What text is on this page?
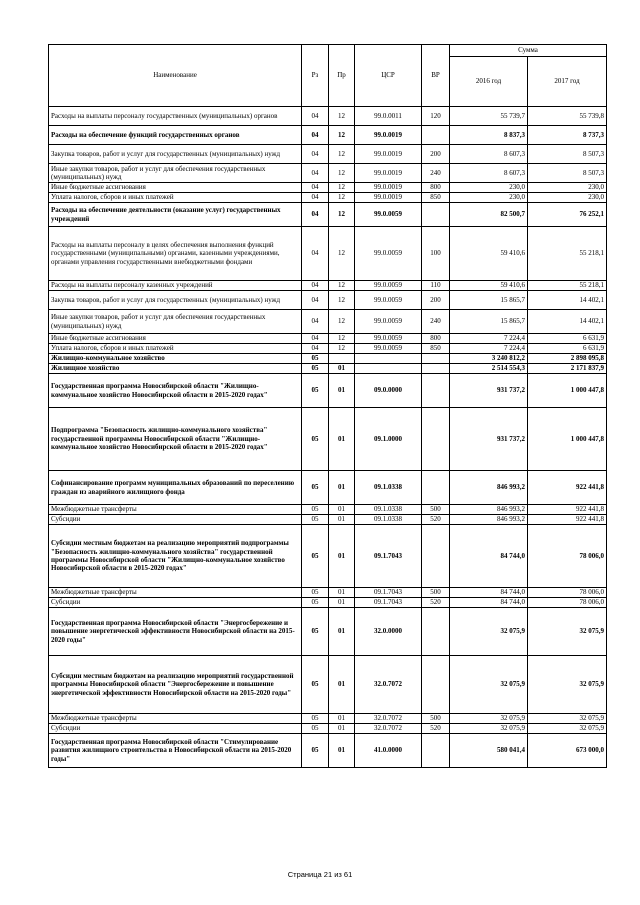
Наименование	Рз	Пр	ЦСР	ВР	Сумма	
					2016 год	2017 год
Расходы на выплаты персоналу государственных (муниципальных) органов	04	12	99.0.0011	120	55 739,7	55 739,8
Расходы на обеспечение функций государственных органов	04	12	99.0.0019		8 837,3	8 737,3
Закупка товаров, работ и услуг для государственных (муниципальных) нужд	04	12	99.0.0019	200	8 607,3	8 507,3
Иные закупки товаров, работ и услуг для обеспечения государственных (муниципальных) нужд	04	12	99.0.0019	240	8 607,3	8 507,3
Иные бюджетные ассигнования	04	12	99.0.0019	800	230,0	230,0
Уплата налогов, сборов и иных платежей	04	12	99.0.0019	850	230,0	230,0
Расходы на обеспечение деятельности (оказание услуг) государственных учреждений	04	12	99.0.0059		82 500,7	76 252,1
Расходы на выплаты персоналу в целях обеспечения выполнения функций государственными (муниципальными) органами, казенными учреждениями, органами управления государственными внебюджетными фондами	04	12	99.0.0059	100	59 410,6	55 218,1
Расходы на выплаты персоналу казенных учреждений	04	12	99.0.0059	110	59 410,6	55 218,1
Закупка товаров, работ и услуг для государственных (муниципальных) нужд	04	12	99.0.0059	200	15 865,7	14 402,1
Иные закупки товаров, работ и услуг для обеспечения государственных (муниципальных) нужд	04	12	99.0.0059	240	15 865,7	14 402,1
Иные бюджетные ассигнования	04	12	99.0.0059	800	7 224,4	6 631,9
Уплата налогов, сборов и иных платежей	04	12	99.0.0059	850	7 224,4	6 631,9
Жилищно-коммунальное хозяйство	05				3 240 812,2	2 898 095,8
Жилищное хозяйство	05	01			2 514 554,3	2 171 837,9
Государственная программа Новосибирской области "Жилищно-коммунальное хозяйство Новосибирской области в 2015-2020 годах"	05	01	09.0.0000		931 737,2	1 000 447,8
Подпрограмма "Безопасность жилищно-коммунального хозяйства" государственной программы Новосибирской области "Жилищно-коммунальное хозяйство Новосибирской области в 2015-2020 годах"	05	01	09.1.0000		931 737,2	1 000 447,8
Софинансирование программ муниципальных образований по переселению граждан из аварийного жилищного фонда	05	01	09.1.0338		846 993,2	922 441,8
Межбюджетные трансферты	05	01	09.1.0338	500	846 993,2	922 441,8
Субсидии	05	01	09.1.0338	520	846 993,2	922 441,8
Субсидии местным бюджетам на реализацию мероприятий подпрограммы "Безопасность жилищно-коммунального хозяйства" государственной программы Новосибирской области "Жилищно-коммунальное хозяйство Новосибирской области в 2015-2020 годах"	05	01	09.1.7043		84 744,0	78 006,0
Межбюджетные трансферты	05	01	09.1.7043	500	84 744,0	78 006,0
Субсидии	05	01	09.1.7043	520	84 744,0	78 006,0
Государственная программа Новосибирской области "Энергосбережение и повышение энергетической эффективности Новосибирской области на 2015- 2020 годы"	05	01	32.0.0000		32 075,9	32 075,9
Субсидии местным бюджетам на реализацию мероприятий государственной программы Новосибирской области "Энергосбережение и повышение энергетической эффективности Новосибирской области на 2015-2020 годы"	05	01	32.0.7072		32 075,9	32 075,9
Межбюджетные трансферты	05	01	32.0.7072	500	32 075,9	32 075,9
Субсидии	05	01	32.0.7072	520	32 075,9	32 075,9
Государственная программа Новосибирской области "Стимулирование развития жилищного строительства в Новосибирской области на 2015-2020 годы"	05	01	41.0.0000		580 041,4	673 000,0
Страница 21 из 61
